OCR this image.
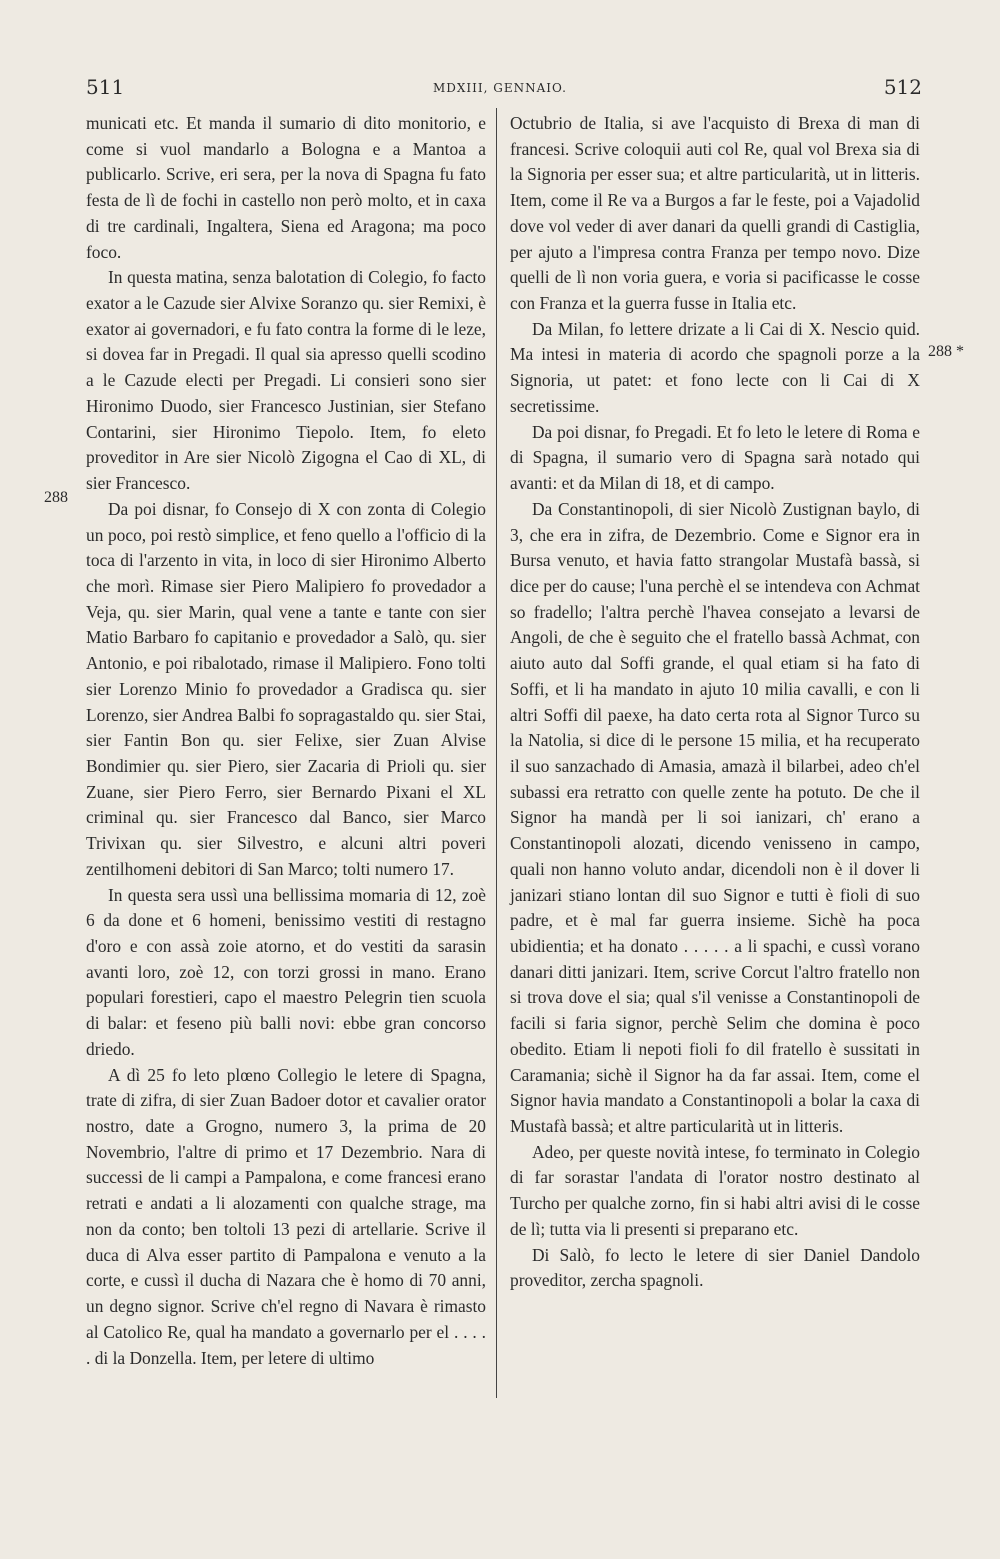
511	MDXIII, GENNAIO.	512
288
288 *

municati etc. Et manda il sumario di dito monitorio, e come si vuol mandarlo a Bologna e a Mantoa a publicarlo. Scrive, eri sera, per la nova di Spagna fu fato festa de lì de fochi in castello non però molto, et in caxa di tre cardinali, Ingaltera, Siena ed Aragona; ma poco foco.

In questa matina, senza balotation di Colegio, fo facto exator a le Cazude sier Alvixe Soranzo qu. sier Remixi, è exator ai governadori, e fu fato contra la forme di le leze, si dovea far in Pregadi. Il qual sia apresso quelli scodino a le Cazude electi per Pregadi. Li consieri sono sier Hironimo Duodo, sier Francesco Justinian, sier Stefano Contarini, sier Hironimo Tiepolo. Item, fo eleto proveditor in Are sier Nicolò Zigogna el Cao di XL, di sier Francesco.

Da poi disnar, fo Consejo di X con zonta di Colegio un poco, poi restò simplice, et feno quello a l'officio di la toca di l'arzento in vita, in loco di sier Hironimo Alberto che morì. Rimase sier Piero Malipiero fo provedador a Veja, qu. sier Marin, qual vene a tante e tante con sier Matio Barbaro fo capitanio e provedador a Salò, qu. sier Antonio, e poi ribalotado, rimase il Malipiero. Fono tolti sier Lorenzo Minio fo provedador a Gradisca qu. sier Lorenzo, sier Andrea Balbi fo sopragastaldo qu. sier Stai, sier Fantin Bon qu. sier Felixe, sier Zuan Alvise Bondimier qu. sier Piero, sier Zacaria di Prioli qu. sier Zuane, sier Piero Ferro, sier Bernardo Pixani el XL criminal qu. sier Francesco dal Banco, sier Marco Trivixan qu. sier Silvestro, e alcuni altri poveri zentilhomeni debitori di San Marco; tolti numero 17.

In questa sera ussì una bellissima momaria di 12, zoè 6 da done et 6 homeni, benissimo vestiti di restagno d'oro e con assà zoie atorno, et do vestiti da sarasin avanti loro, zoè 12, con torzi grossi in mano. Erano populari forestieri, capo el maestro Pelegrin tien scuola di balar: et feseno più balli novi: ebbe gran concorso driedo.

A dì 25 fo leto plœno Collegio le letere di Spagna, trate di zifra, di sier Zuan Badoer dotor et cavalier orator nostro, date a Grogno, numero 3, la prima de 20 Novembrio, l'altre di primo et 17 Dezembrio. Nara di successi de li campi a Pampalona, e come francesi erano retrati e andati a li alozamenti con qualche strage, ma non da conto; ben toltoli 13 pezi di artellarie. Scrive il duca di Alva esser partito di Pampalona e venuto a la corte, e cussì il ducha di Nazara che è homo di 70 anni, un degno signor. Scrive ch'el regno di Navara è rimasto al Catolico Re, qual ha mandato a governarlo per el . . . . . di la Donzella. Item, per letere di ultimo

Octubrio de Italia, si ave l'acquisto di Brexa di man di francesi. Scrive coloquii auti col Re, qual vol Brexa sia di la Signoria per esser sua; et altre particularità, ut in litteris. Item, come il Re va a Burgos a far le feste, poi a Vajadolid dove vol veder di aver danari da quelli grandi di Castiglia, per ajuto a l'impresa contra Franza per tempo novo. Dize quelli de lì non voria guera, e voria si pacificasse le cosse con Franza et la guerra fusse in Italia etc.

Da Milan, fo lettere drizate a li Cai di X. Nescio quid. Ma intesi in materia di acordo che spagnoli porze a la Signoria, ut patet: et fono lecte con li Cai di X secretissime.

Da poi disnar, fo Pregadi. Et fo leto le letere di Roma e di Spagna, il sumario vero di Spagna sarà notado qui avanti: et da Milan di 18, et di campo.

Da Constantinopoli, di sier Nicolò Zustignan baylo, di 3, che era in zifra, de Dezembrio. Come e Signor era in Bursa venuto, et havia fatto strangolar Mustafà bassà, si dice per do cause; l'una perchè el se intendeva con Achmat so fradello; l'altra perchè l'havea consejato a levarsi de Angoli, de che è seguito che el fratello bassà Achmat, con aiuto auto dal Soffi grande, el qual etiam si ha fato di Soffi, et li ha mandato in ajuto 10 milia cavalli, e con li altri Soffi dil paexe, ha dato certa rota al Signor Turco su la Natolia, si dice di le persone 15 milia, et ha recuperato il suo sanzachado di Amasia, amazà il bilarbei, adeo ch'el subassi era retratto con quelle zente ha potuto. De che il Signor ha mandà per li soi ianizari, ch' erano a Constantinopoli alozati, dicendo venisseno in campo, quali non hanno voluto andar, dicendoli non è il dover li janizari stiano lontan dil suo Signor e tutti è fioli di suo padre, et è mal far guerra insieme. Sichè ha poca ubidientia; et ha donato . . . . . a li spachi, e cussì vorano danari ditti janizari. Item, scrive Corcut l'altro fratello non si trova dove el sia; qual s'il venisse a Constantinopoli de facili si faria signor, perchè Selim che domina è poco obedito. Etiam li nepoti fioli fo dil fratello è sussitati in Caramania; sichè il Signor ha da far assai. Item, come el Signor havia mandato a Constantinopoli a bolar la caxa di Mustafà bassà; et altre particularità ut in litteris.

Adeo, per queste novità intese, fo terminato in Colegio di far sorastar l'andata di l'orator nostro destinato al Turcho per qualche zorno, fin si habi altri avisi di le cosse de lì; tutta via li presenti si preparano etc.

Di Salò, fo lecto le letere di sier Daniel Dandolo proveditor, zercha spagnoli.
